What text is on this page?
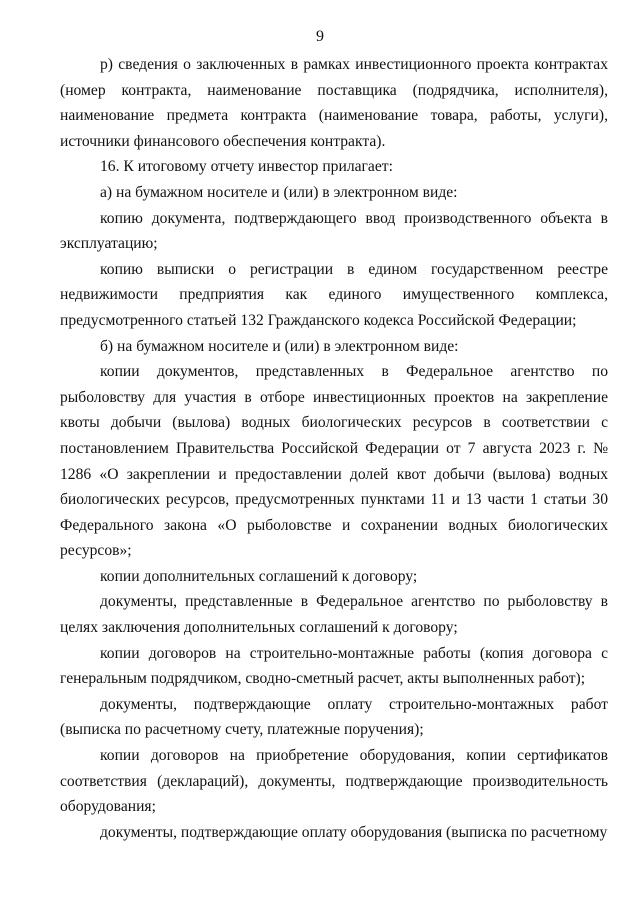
9

р) сведения о заключенных в рамках инвестиционного проекта контрактах (номер контракта, наименование поставщика (подрядчика, исполнителя), наименование предмета контракта (наименование товара, работы, услуги), источники финансового обеспечения контракта).

16. К итоговому отчету инвестор прилагает:

а) на бумажном носителе и (или) в электронном виде:

копию документа, подтверждающего ввод производственного объекта в эксплуатацию;

копию выписки о регистрации в едином государственном реестре недвижимости предприятия как единого имущественного комплекса, предусмотренного статьей 132 Гражданского кодекса Российской Федерации;

б) на бумажном носителе и (или) в электронном виде:

копии документов, представленных в Федеральное агентство по рыболовству для участия в отборе инвестиционных проектов на закрепление квоты добычи (вылова) водных биологических ресурсов в соответствии с постановлением Правительства Российской Федерации от 7 августа 2023 г. № 1286 «О закреплении и предоставлении долей квот добычи (вылова) водных биологических ресурсов, предусмотренных пунктами 11 и 13 части 1 статьи 30 Федерального закона «О рыболовстве и сохранении водных биологических ресурсов»;

копии дополнительных соглашений к договору;

документы, представленные в Федеральное агентство по рыболовству в целях заключения дополнительных соглашений к договору;

копии договоров на строительно-монтажные работы (копия договора с генеральным подрядчиком, сводно-сметный расчет, акты выполненных работ);

документы, подтверждающие оплату строительно-монтажных работ (выписка по расчетному счету, платежные поручения);

копии договоров на приобретение оборудования, копии сертификатов соответствия (деклараций), документы, подтверждающие производительность оборудования;

документы, подтверждающие оплату оборудования (выписка по расчетному
